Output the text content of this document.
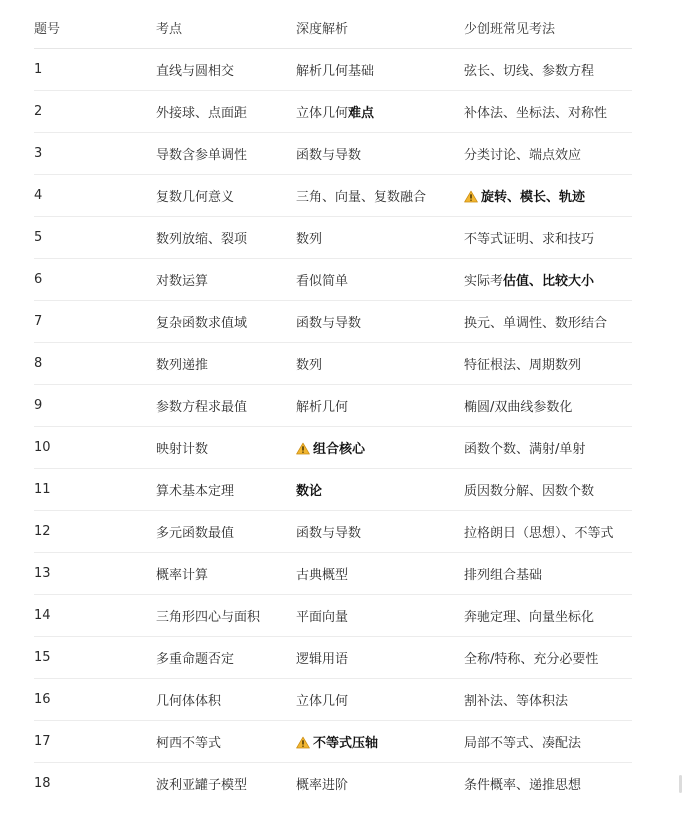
题号	考点	深度解析	少创班常见考法
1	直线与圆相交	解析几何基础	弦长、切线、参数方程
2	外接球、点面距	立体几何难点	补体法、坐标法、对称性
3	导数含参单调性	函数与导数	分类讨论、端点效应
4	复数几何意义	三角、向量、复数融合	旋转、模长、轨迹
5	数列放缩、裂项	数列	不等式证明、求和技巧
6	对数运算	看似简单	实际考估值、比较大小
7	复杂函数求值域	函数与导数	换元、单调性、数形结合
8	数列递推	数列	特征根法、周期数列
9	参数方程求最值	解析几何	椭圆/双曲线参数化
10	映射计数	组合核心	函数个数、满射/单射
11	算术基本定理	数论	质因数分解、因数个数
12	多元函数最值	函数与导数	拉格朗日（思想）、不等式
13	概率计算	古典概型	排列组合基础
14	三角形四心与面积	平面向量	奔驰定理、向量坐标化
15	多重命题否定	逻辑用语	全称/特称、充分必要性
16	几何体体积	立体几何	割补法、等体积法
17	柯西不等式	不等式压轴	局部不等式、凑配法
18	波利亚罐子模型	概率进阶	条件概率、递推思想
